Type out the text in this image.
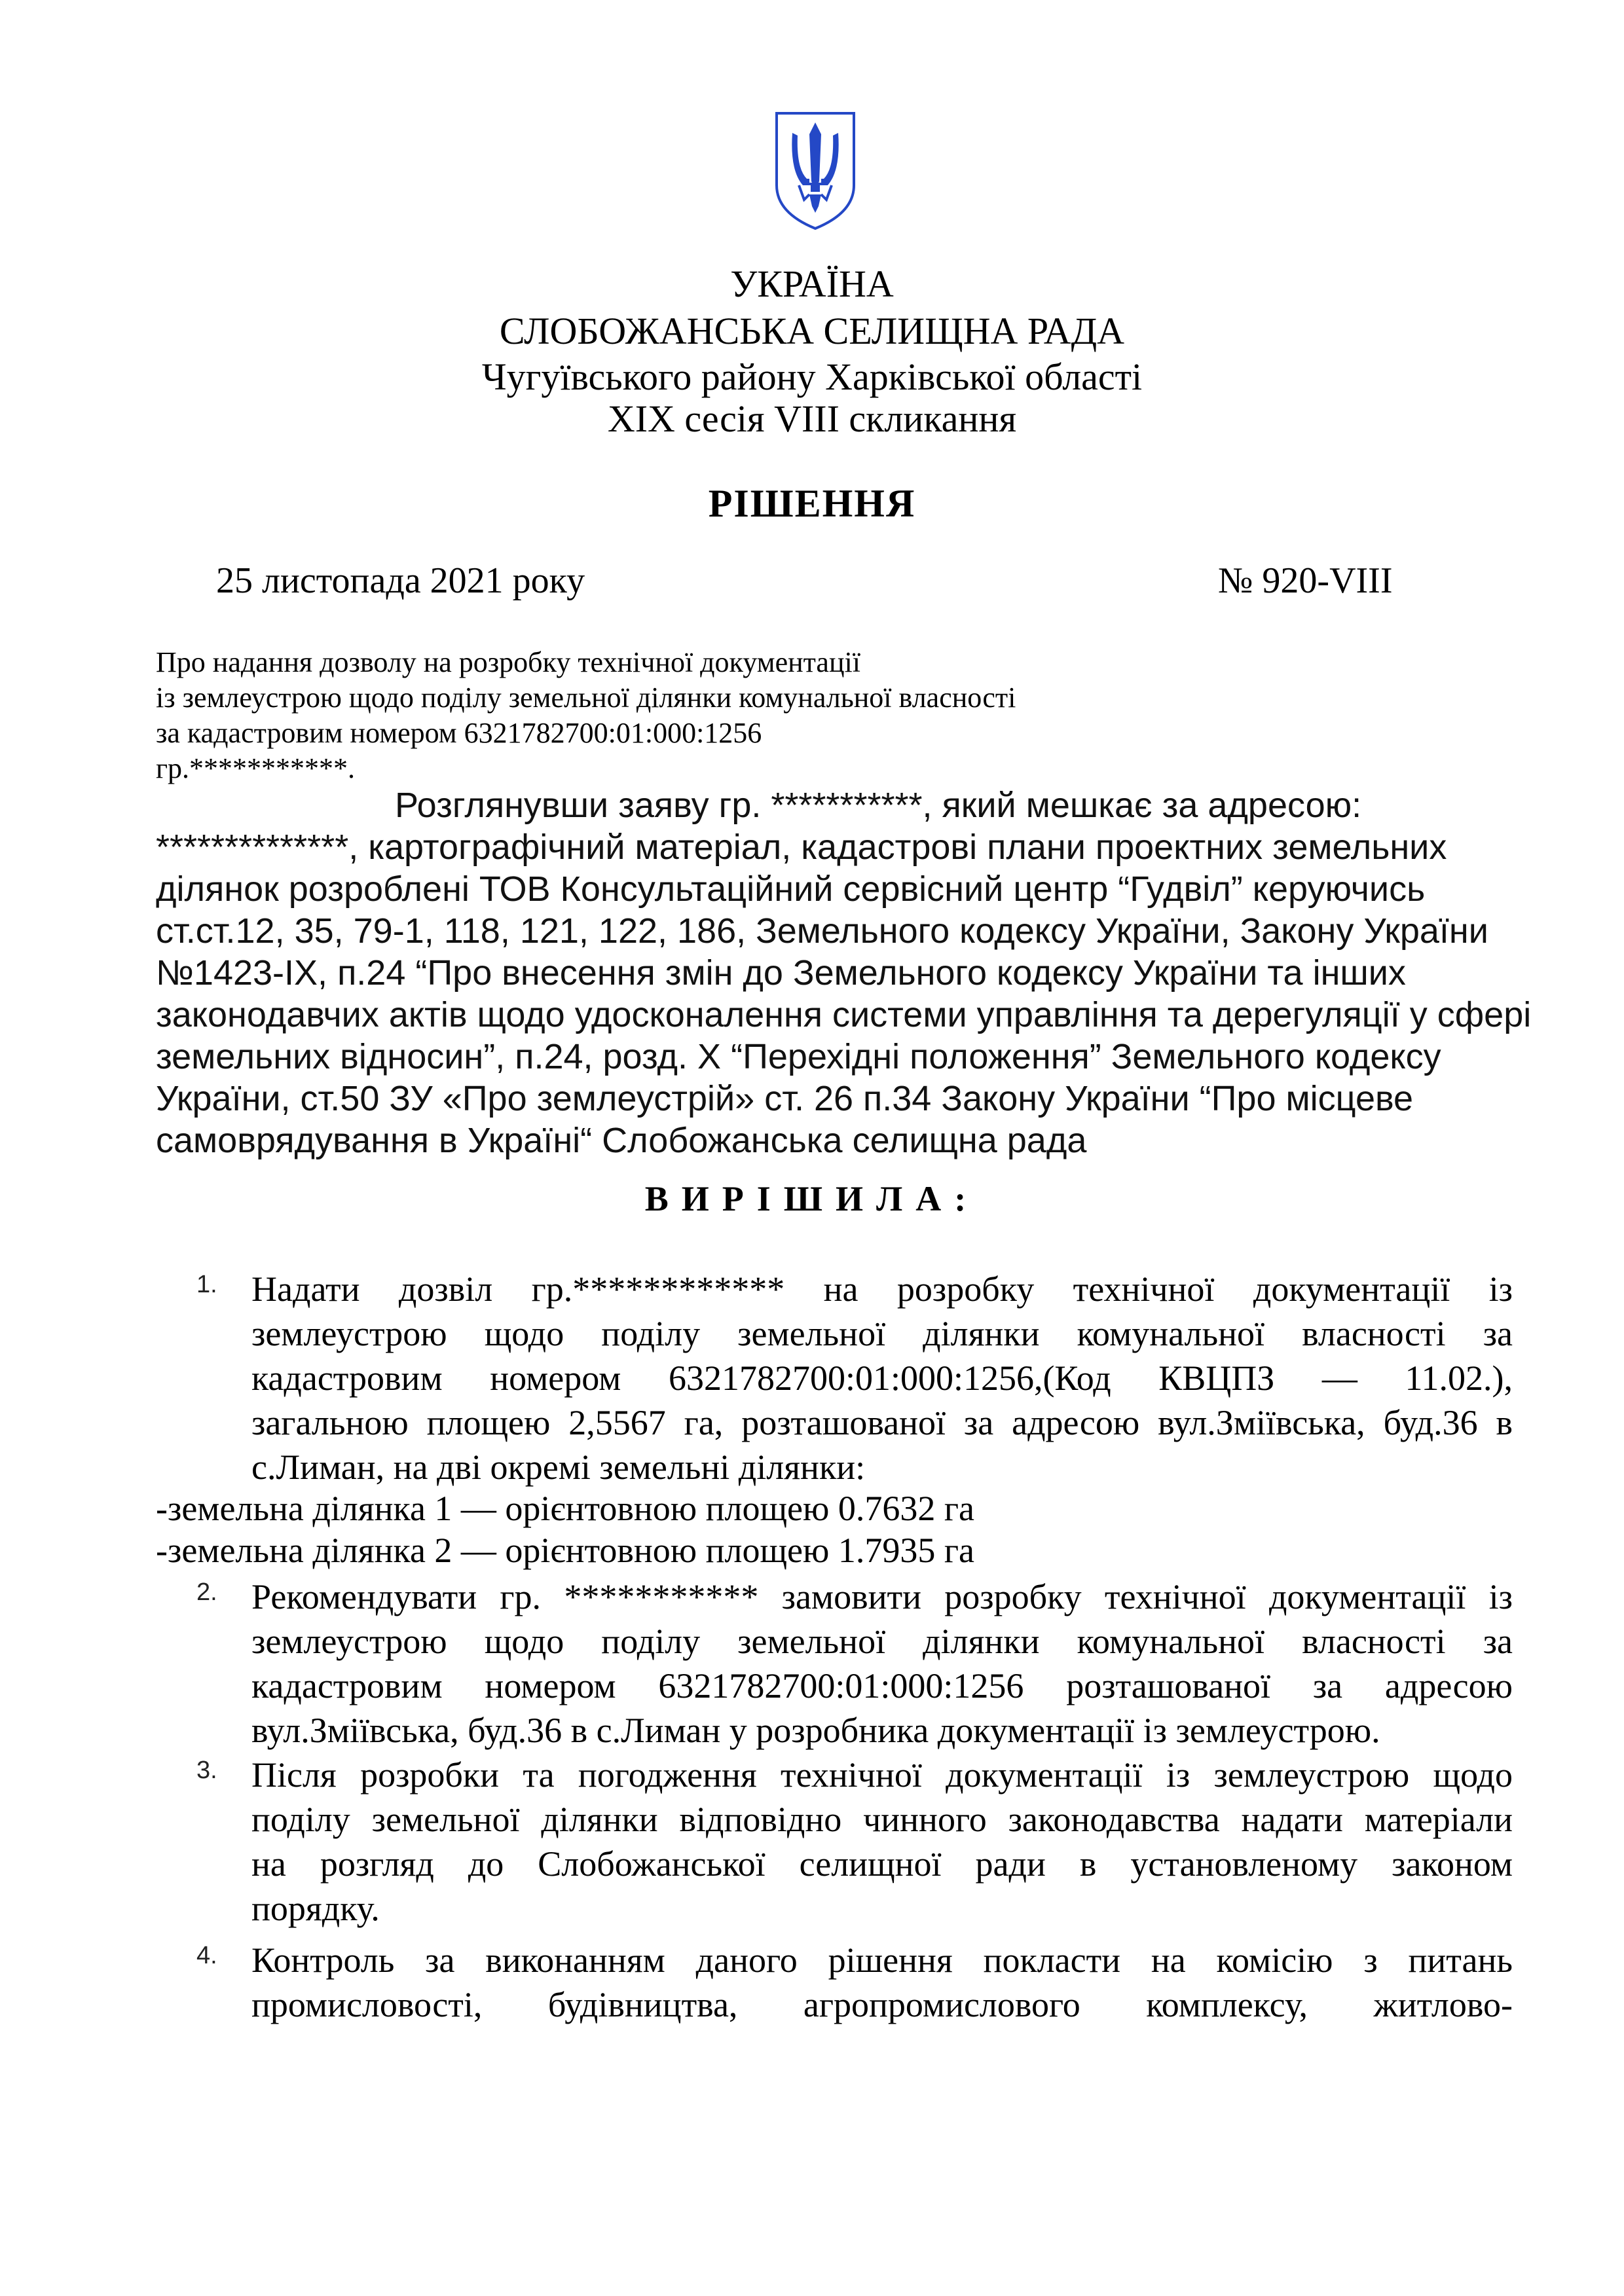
УКРАЇНА
СЛОБОЖАНСЬКА СЕЛИЩНА РАДА
Чугуївського району Харківської області
XIX сесія VIII скликання
РІШЕННЯ
25 листопада 2021 року	№ 920-VIII
Про надання дозволу на розробку технічної документації
із землеустрою щодо поділу земельної ділянки комунальної власності
за кадастровим номером 6321782700:01:000:1256
гр.***********.
Розглянувши заяву гр. ***********, який мешкає за адресою:
**************, картографічний матеріал, кадастрові плани проектних земельних
ділянок розроблені ТОВ Консультаційний сервісний центр “Гудвіл” керуючись
ст.ст.12, 35, 79-1, 118, 121, 122, 186, Земельного кодексу України, Закону України
№1423-IX, п.24 “Про внесення змін до Земельного кодексу України та інших
законодавчих актів щодо удосконалення системи управління та дерегуляції у сфері
земельних відносин”, п.24, розд. X “Перехідні положення” Земельного кодексу
України, ст.50 ЗУ «Про землеустрій» ст. 26 п.34 Закону України “Про місцеве
самоврядування в Україні“ Слобожанська селищна рада
ВИРІШИЛА:
1. Надати дозвіл гр.************ на розробку технічної документації із
землеустрою щодо поділу земельної ділянки комунальної власності за
кадастровим номером 6321782700:01:000:1256,(Код КВЦПЗ — 11.02.),
загальною площею 2,5567 га, розташованої за адресою вул.Зміївська, буд.36 в
с.Лиман, на дві окремі земельні ділянки:
-земельна ділянка 1 — орієнтовною площею 0.7632 га
-земельна ділянка 2 — орієнтовною площею 1.7935 га
2. Рекомендувати гр. *********** замовити розробку технічної документації із
землеустрою щодо поділу земельної ділянки комунальної власності за
кадастровим номером 6321782700:01:000:1256 розташованої за адресою
вул.Зміївська, буд.36 в с.Лиман у розробника документації із землеустрою.
3. Після розробки та погодження технічної документації із землеустрою щодо
поділу земельної ділянки відповідно чинного законодавства надати матеріали
на розгляд до Слобожанської селищної ради в установленому законом
порядку.
4. Контроль за виконанням даного рішення покласти на комісію з питань
промисловості, будівництва, агропромислового комплексу, житлово-
